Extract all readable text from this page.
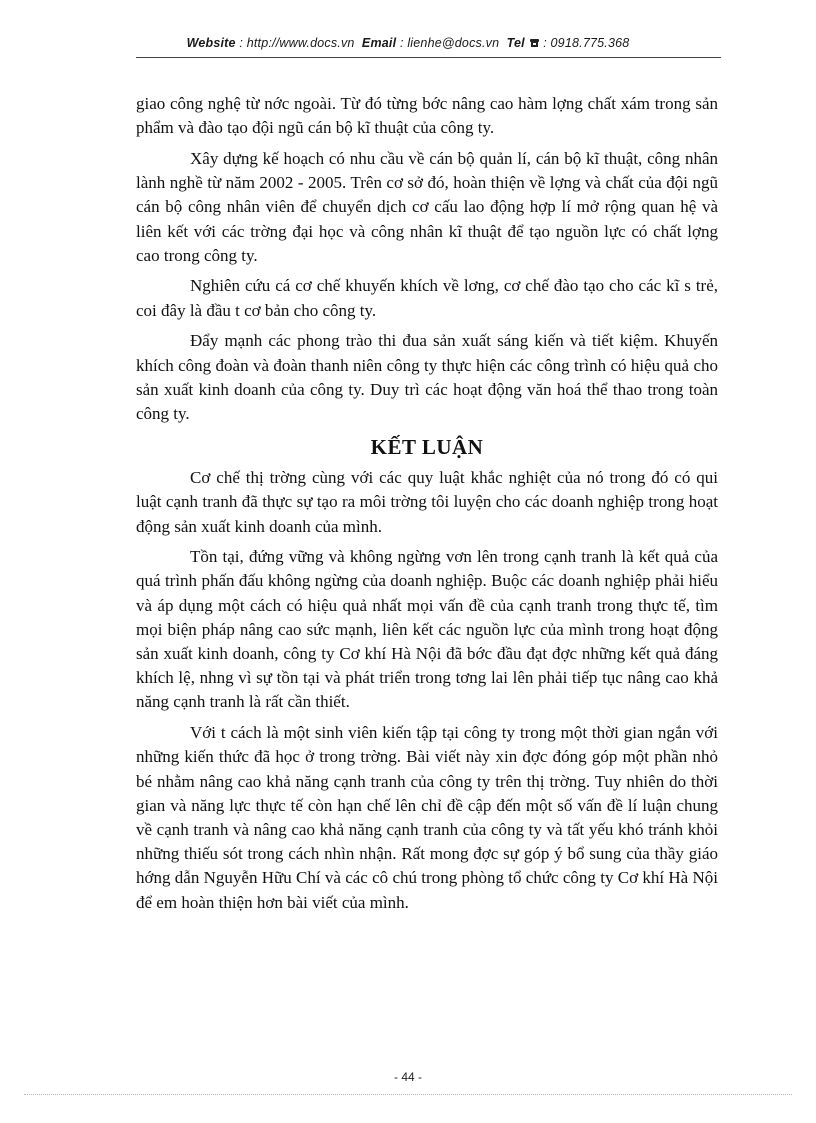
Website : http://www.docs.vn Email : lienhe@docs.vn Tel : 0918.775.368

giao công nghệ từ nớc ngoài. Từ đó từng bớc nâng cao hàm lợng chất xám trong sản phẩm và đào tạo đội ngũ cán bộ kĩ thuật của công ty.

Xây dựng kế hoạch có nhu cầu về cán bộ quản lí, cán bộ kĩ thuật, công nhân lành nghề từ năm 2002 - 2005. Trên cơ sở đó, hoàn thiện về lợng và chất của đội ngũ cán bộ công nhân viên để chuyển dịch cơ cấu lao động hợp lí mở rộng quan hệ và liên kết với các trờng đại học và công nhân kĩ thuật để tạo nguồn lực có chất lợng cao trong công ty.

Nghiên cứu cá cơ chế khuyến khích về lơng, cơ chế đào tạo cho các kĩ s trẻ, coi đây là đầu t cơ bản cho công ty.

Đẩy mạnh các phong trào thi đua sản xuất sáng kiến và tiết kiệm. Khuyến khích công đoàn và đoàn thanh niên công ty thực hiện các công trình có hiệu quả cho sản xuất kinh doanh của công ty. Duy trì các hoạt động văn hoá thể thao trong toàn công ty.

KẾT LUẬN

Cơ chế thị trờng cùng với các quy luật khắc nghiệt của nó trong đó có qui luật cạnh tranh đã thực sự tạo ra môi trờng tôi luyện cho các doanh nghiệp trong hoạt động sản xuất kinh doanh của mình.

Tồn tại, đứng vững và không ngừng vơn lên trong cạnh tranh là kết quả của quá trình phấn đấu không ngừng của doanh nghiệp. Buộc các doanh nghiệp phải hiểu và áp dụng một cách có hiệu quả nhất mọi vấn đề của cạnh tranh trong thực tế, tìm mọi biện pháp nâng cao sức mạnh, liên kết các nguồn lực của mình trong hoạt động sản xuất kinh doanh, công ty Cơ khí Hà Nội đã bớc đầu đạt đợc những kết quả đáng khích lệ, nhng vì sự tồn tại và phát triển trong tơng lai lên phải tiếp tục nâng cao khả năng cạnh tranh là rất cần thiết.

Với t cách là một sinh viên kiến tập tại công ty trong một thời gian ngắn với những kiến thức đã học ở trong trờng. Bài viết này xin đợc đóng góp một phần nhỏ bé nhằm nâng cao khả năng cạnh tranh của công ty trên thị trờng. Tuy nhiên do thời gian và năng lực thực tế còn hạn chế lên chỉ đề cập đến một số vấn đề lí luận chung về cạnh tranh và nâng cao khả năng cạnh tranh của công ty và tất yếu khó tránh khỏi những thiếu sót trong cách nhìn nhận. Rất mong đợc sự góp ý bổ sung của thầy giáo hớng dẫn Nguyễn Hữu Chí và các cô chú trong phòng tổ chức công ty Cơ khí Hà Nội để em hoàn thiện hơn bài viết của mình.

- 44 -
